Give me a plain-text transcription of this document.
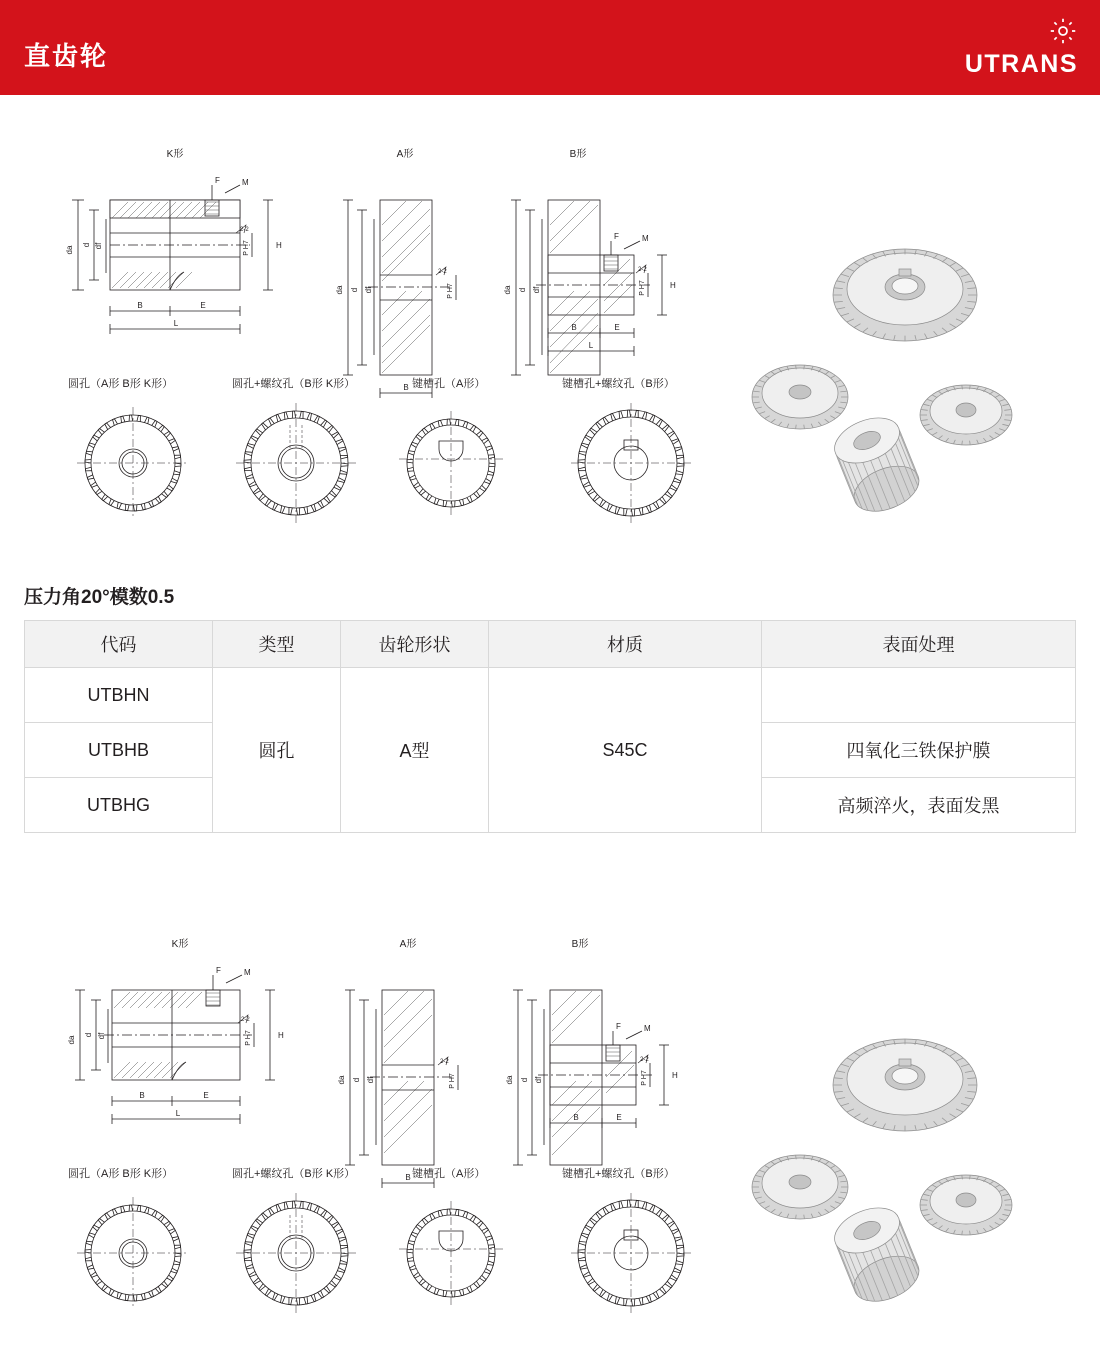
直齿轮	UTRANS
K形
F	M
da
d df	H
P H7
2-2
B	E
L
A形
da d df	P H7
2-2
B
B形
F	M
da d df	H
P H7
2-2
B	E
L
圆孔（A形 B形 K形）	圆孔+螺纹孔（B形 K形）	键槽孔（A形）	键槽孔+螺纹孔（B形）
压力角20°模数0.5
代码	类型	齿轮形状	材质	表面处理
UTBHN	圆孔	A型	S45C	
UTBHB				四氧化三铁保护膜
UTBHG				高频淬火，表面发黑
K形
F	M
da
d df	H
P H7
2-2
B	E
L
A形
da d df	P H7
2-2
B
B形
F	M
da d df	H
P H7
2-2
B	E
圆孔（A形 B形 K形）	圆孔+螺纹孔（B形 K形）	键槽孔（A形）	键槽孔+螺纹孔（B形）
